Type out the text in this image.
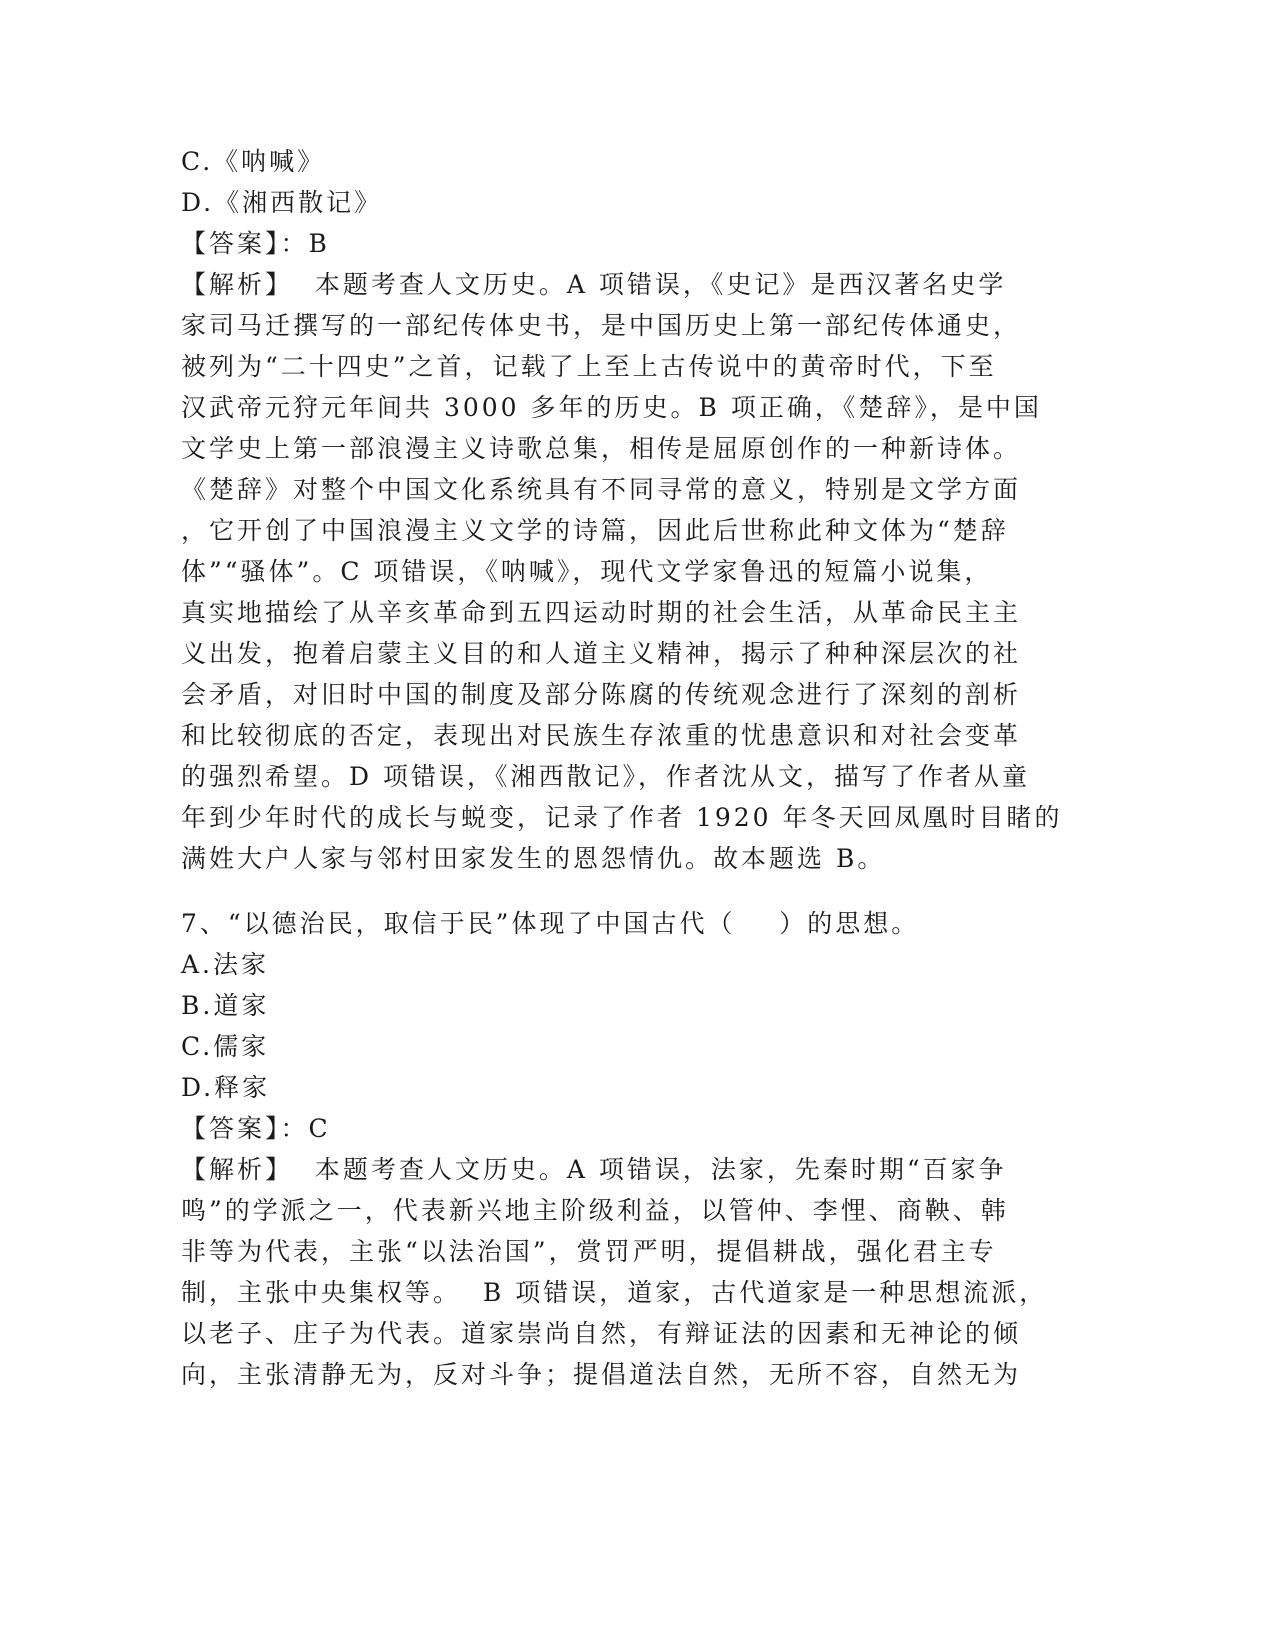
C.《呐喊》
D.《湘西散记》
【答案】：B
【解析】  本题考查人文历史。A 项错误，《史记》是西汉著名史学
家司马迁撰写的一部纪传体史书，是中国历史上第一部纪传体通史，
被列为“二十四史”之首，记载了上至上古传说中的黄帝时代，下至
汉武帝元狩元年间共 3000 多年的历史。B 项正确，《楚辞》，是中国
文学史上第一部浪漫主义诗歌总集，相传是屈原创作的一种新诗体。
《楚辞》对整个中国文化系统具有不同寻常的意义，特别是文学方面
，它开创了中国浪漫主义文学的诗篇，因此后世称此种文体为“楚辞
体”“骚体”。C 项错误，《呐喊》，现代文学家鲁迅的短篇小说集，
真实地描绘了从辛亥革命到五四运动时期的社会生活，从革命民主主
义出发，抱着启蒙主义目的和人道主义精神，揭示了种种深层次的社
会矛盾，对旧时中国的制度及部分陈腐的传统观念进行了深刻的剖析
和比较彻底的否定，表现出对民族生存浓重的忧患意识和对社会变革
的强烈希望。D 项错误，《湘西散记》，作者沈从文，描写了作者从童
年到少年时代的成长与蜕变，记录了作者 1920 年冬天回凤凰时目睹的
满姓大户人家与邻村田家发生的恩怨情仇。故本题选 B。
7、“以德治民，取信于民”体现了中国古代（    ）的思想。
A.法家
B.道家
C.儒家
D.释家
【答案】：C
【解析】  本题考查人文历史。A 项错误，法家，先秦时期“百家争
鸣”的学派之一，代表新兴地主阶级利益，以管仲、李悝、商鞅、韩
非等为代表，主张“以法治国”，赏罚严明，提倡耕战，强化君主专
制，主张中央集权等。  B 项错误，道家，古代道家是一种思想流派，
以老子、庄子为代表。道家崇尚自然，有辩证法的因素和无神论的倾
向，主张清静无为，反对斗争；提倡道法自然，无所不容，自然无为
